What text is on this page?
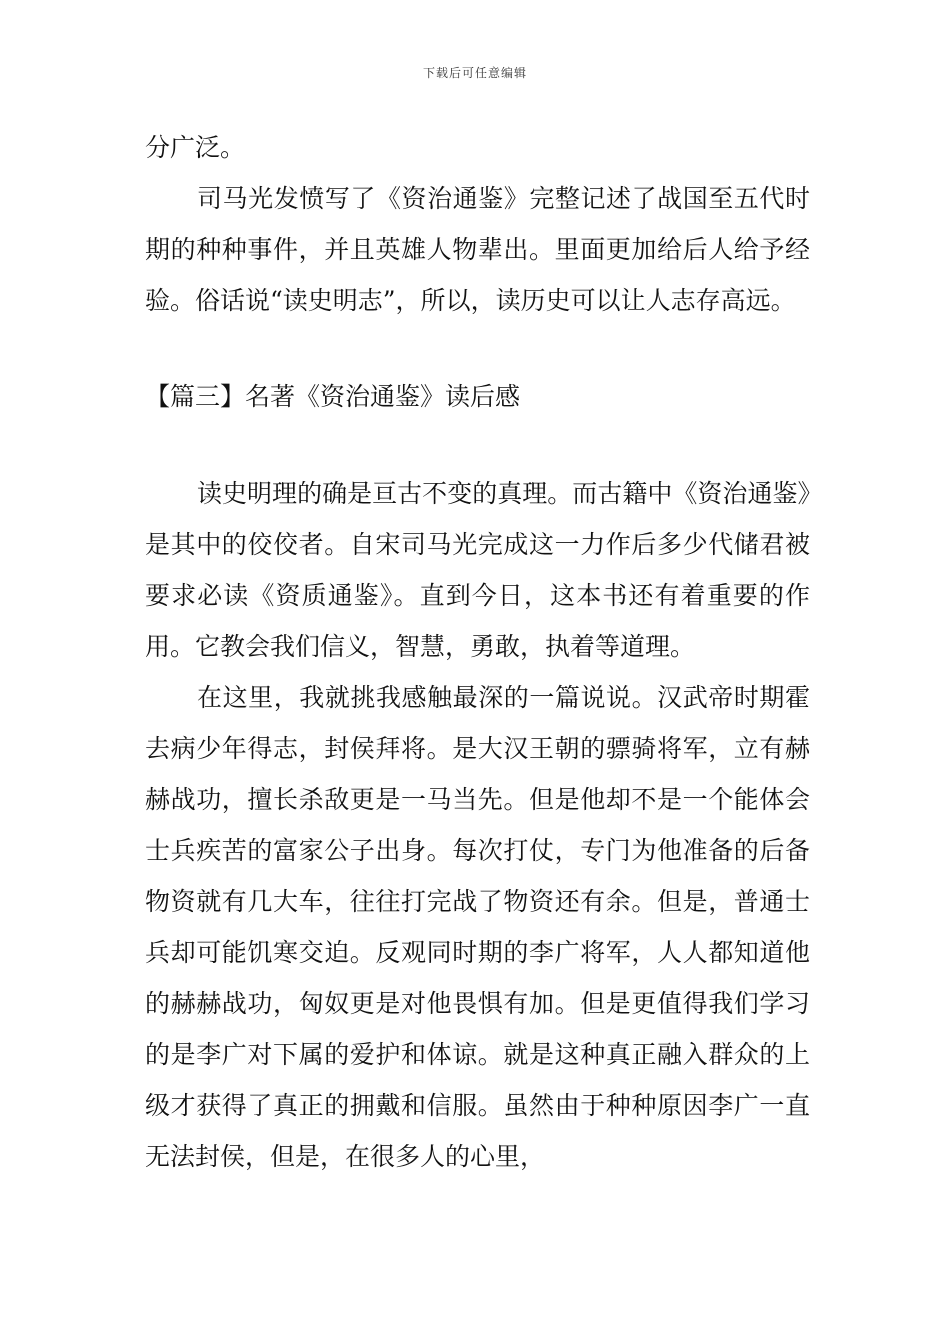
下载后可任意编辑

分广泛。

司马光发愤写了《资治通鉴》完整记述了战国至五代时期的种种事件，并且英雄人物辈出。里面更加给后人给予经验。俗话说“读史明志”，所以，读历史可以让人志存高远。

【篇三】名著《资治通鉴》读后感

读史明理的确是亘古不变的真理。而古籍中《资治通鉴》是其中的佼佼者。自宋司马光完成这一力作后多少代储君被要求必读《资质通鉴》。直到今日，这本书还有着重要的作用。它教会我们信义，智慧，勇敢，执着等道理。

在这里，我就挑我感触最深的一篇说说。汉武帝时期霍去病少年得志，封侯拜将。是大汉王朝的骠骑将军，立有赫赫战功，擅长杀敌更是一马当先。但是他却不是一个能体会士兵疾苦的富家公子出身。每次打仗，专门为他准备的后备物资就有几大车，往往打完战了物资还有余。但是，普通士兵却可能饥寒交迫。反观同时期的李广将军，人人都知道他的赫赫战功，匈奴更是对他畏惧有加。但是更值得我们学习的是李广对下属的爱护和体谅。就是这种真正融入群众的上级才获得了真正的拥戴和信服。虽然由于种种原因李广一直无法封侯，但是，在很多人的心里，
